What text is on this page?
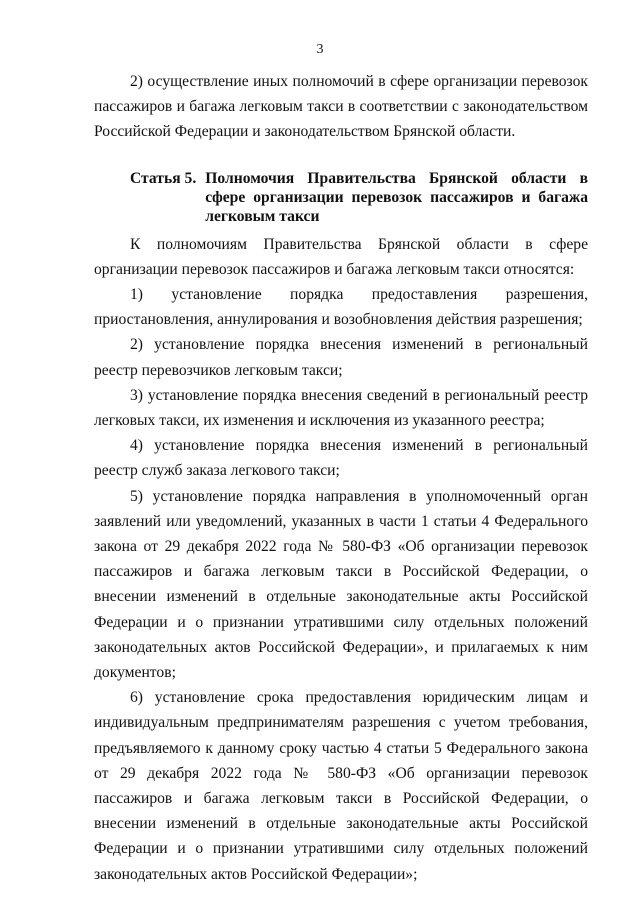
3

2) осуществление иных полномочий в сфере организации перевозок пассажиров и багажа легковым такси в соответствии с законодательством Российской Федерации и законодательством Брянской области.

Статья 5. Полномочия Правительства Брянской области в сфере организации перевозок пассажиров и багажа легковым такси

К полномочиям Правительства Брянской области в сфере организации перевозок пассажиров и багажа легковым такси относятся:

1) установление порядка предоставления разрешения, приостановления, аннулирования и возобновления действия разрешения;

2) установление порядка внесения изменений в региональный реестр перевозчиков легковым такси;

3) установление порядка внесения сведений в региональный реестр легковых такси, их изменения и исключения из указанного реестра;

4) установление порядка внесения изменений в региональный реестр служб заказа легкового такси;

5) установление порядка направления в уполномоченный орган заявлений или уведомлений, указанных в части 1 статьи 4 Федерального закона от 29 декабря 2022 года № 580-ФЗ «Об организации перевозок пассажиров и багажа легковым такси в Российской Федерации, о внесении изменений в отдельные законодательные акты Российской Федерации и о признании утратившими силу отдельных положений законодательных актов Российской Федерации», и прилагаемых к ним документов;

6) установление срока предоставления юридическим лицам и индивидуальным предпринимателям разрешения с учетом требования, предъявляемого к данному сроку частью 4 статьи 5 Федерального закона от 29 декабря 2022 года № 580-ФЗ «Об организации перевозок пассажиров и багажа легковым такси в Российской Федерации, о внесении изменений в отдельные законодательные акты Российской Федерации и о признании утратившими силу отдельных положений законодательных актов Российской Федерации»;
